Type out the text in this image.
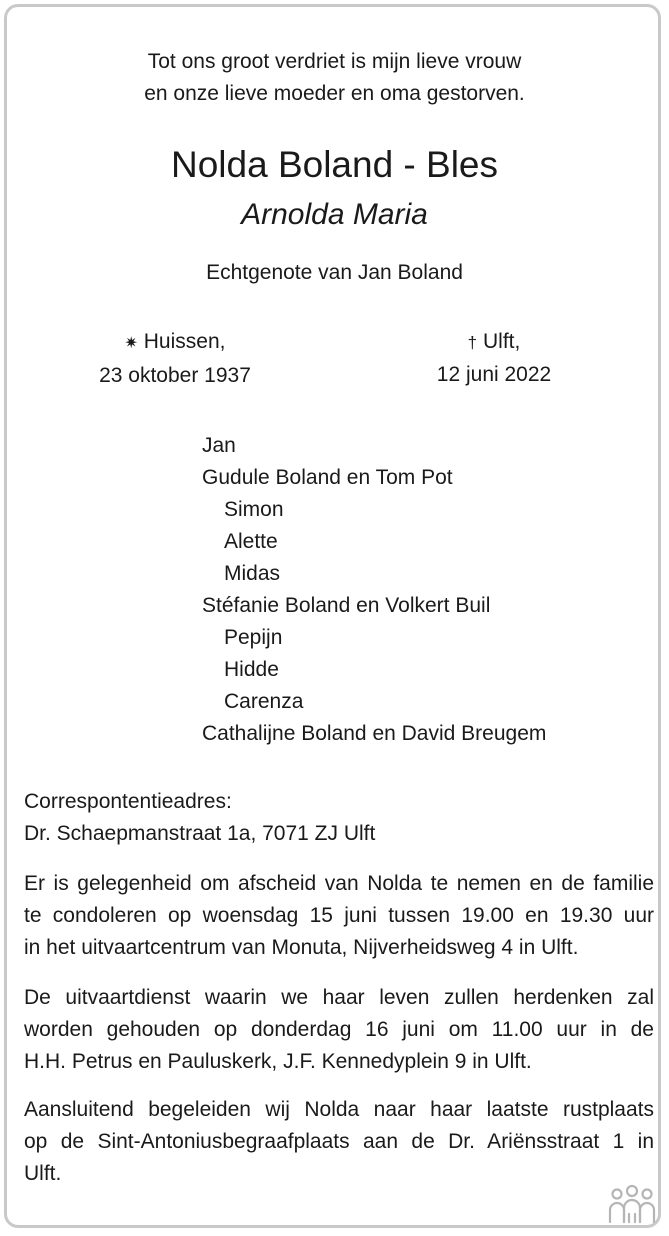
Tot ons groot verdriet is mijn lieve vrouw
en onze lieve moeder en oma gestorven.
Nolda Boland - Bles
Arnolda Maria
Echtgenote van Jan Boland
✷ Huissen,
23 oktober 1937
† Ulft,
12 juni 2022
Jan
Gudule Boland en Tom Pot
Simon
Alette
Midas
Stéfanie Boland en Volkert Buil
Pepijn
Hidde
Carenza
Cathalijne Boland en David Breugem
Correspontentieadres:
Dr. Schaepmanstraat 1a, 7071 ZJ Ulft
Er is gelegenheid om afscheid van Nolda te nemen en de familie
te condoleren op woensdag 15 juni tussen 19.00 en 19.30 uur
in het uitvaartcentrum van Monuta, Nijverheidsweg 4 in Ulft.
De uitvaartdienst waarin we haar leven zullen herdenken zal
worden gehouden op donderdag 16 juni om 11.00 uur in de
H.H. Petrus en Pauluskerk, J.F. Kennedyplein 9 in Ulft.
Aansluitend begeleiden wij Nolda naar haar laatste rustplaats
op de Sint-Antoniusbegraafplaats aan de Dr. Ariënsstraat 1 in
Ulft.
